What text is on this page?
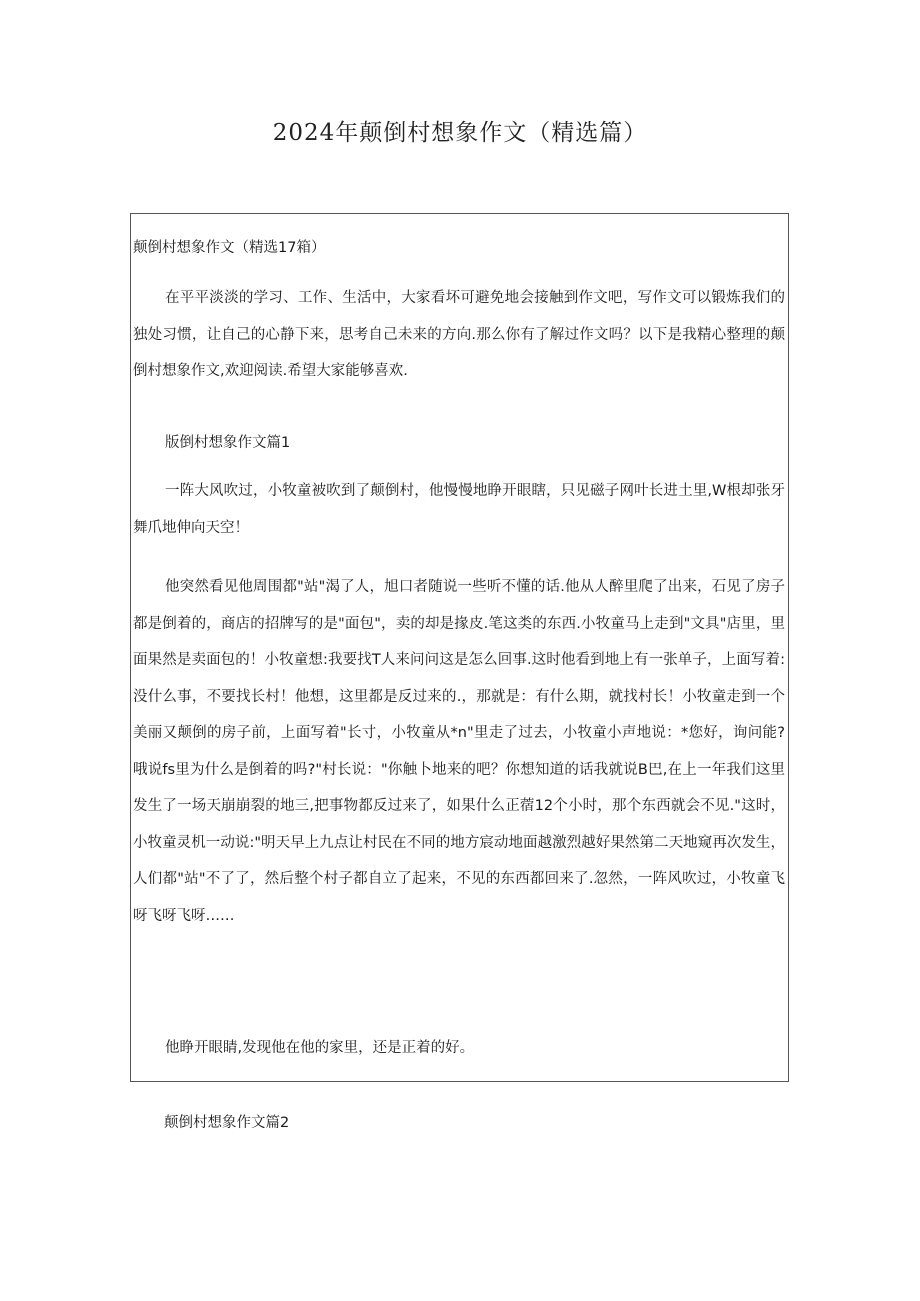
2024年颠倒村想象作文（精选篇）
颠倒村想象作文（精选17箱）

在平平淡淡的学习、工作、生活中，大家看坏可避免地会接触到作文吧，写作文可以锻炼我们的独处习惯，让自己的心静下来，思考自己未来的方向.那么你有了解过作文吗？以下是我精心整理的颠倒村想象作文,欢迎阅读.希望大家能够喜欢.

版倒村想象作文篇1

一阵大风吹过，小牧童被吹到了颠倒村，他慢慢地睁开眼瞎，只见磁子网叶长进土里,W根却张牙舞爪地伸向天空！

他突然看见他周围都"站"渴了人，旭口者随说一些听不懂的话.他从人醉里爬了出来，石见了房子都是倒着的，商店的招牌写的是"面包"，卖的却是掾皮.笔这类的东西.小牧童马上走到"文具"店里，里面果然是卖面包的！小牧童想:我要找T人来问问这是怎么回事.这时他看到地上有一张单子，上面写着:没什么事，不要找长村！他想，这里都是反过来的.，那就是：有什么期，就找村长！小牧童走到一个美丽又颠倒的房子前，上面写着"长寸，小牧童从*n"里走了过去，小牧童小声地说：*您好，询问能?哦说fs里为什么是倒着的吗?"村长说："你触卜地来的吧？你想知道的话我就说B巴,在上一年我们这里发生了一场天崩崩裂的地三,把事物都反过来了，如果什么正蓿12个小时，那个东西就会不见."这时，小牧童灵机一动说:"明天早上九点让村民在不同的地方宸动地面越激烈越好果然第二天地窥再次发生，人们都"站"不了了，然后整个村子都自立了起来，不见的东西都回来了.忽然，一阵风吹过，小牧童飞呀飞呀飞呀……

他睁开眼睛,发现他在他的家里，还是正着的好。

颠倒村想象作文篇2
